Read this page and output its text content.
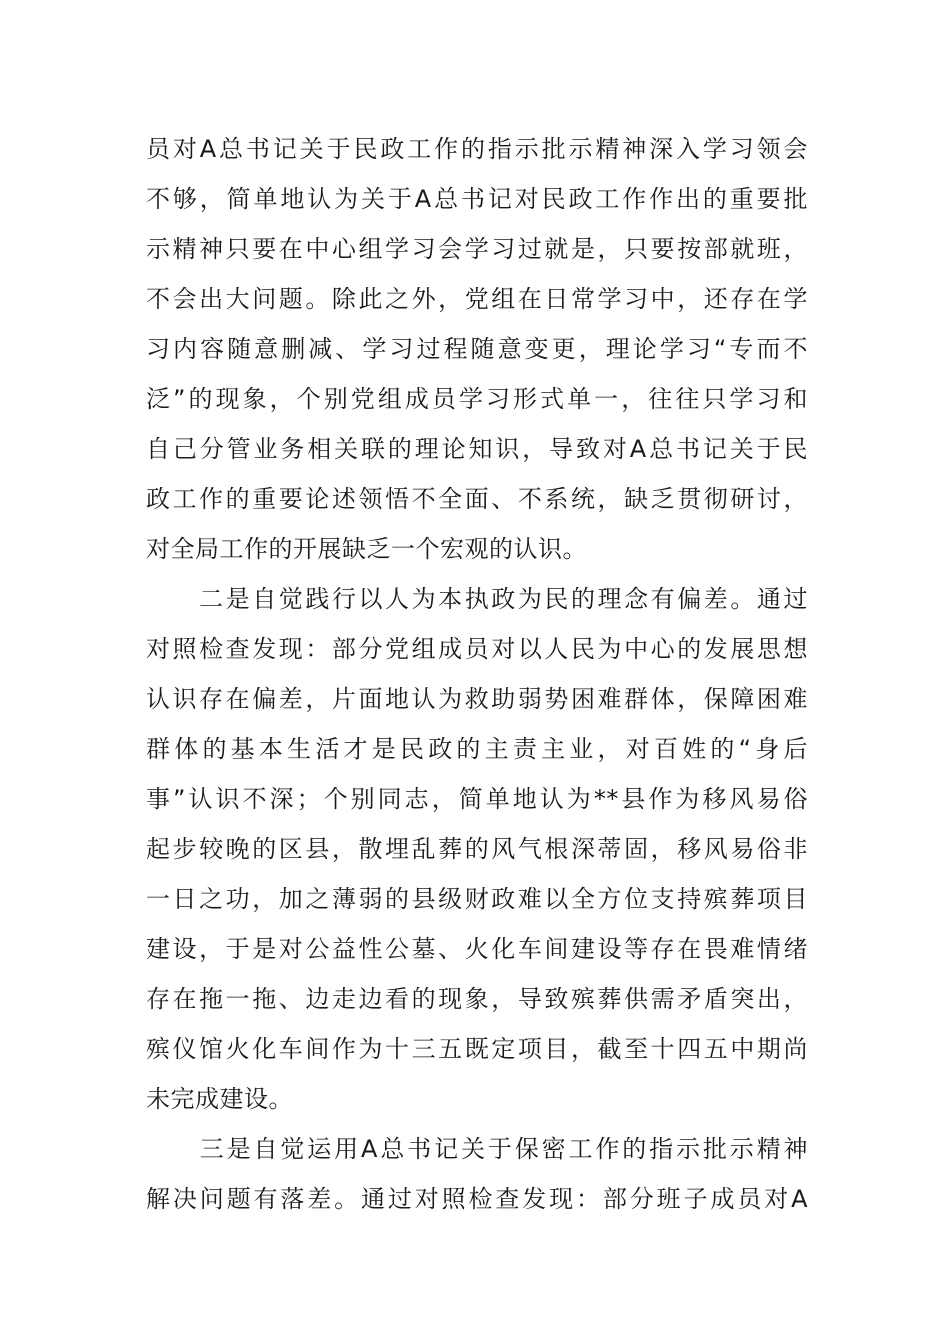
员对A总书记关于民政工作的指示批示精神深入学习领会
不够，简单地认为关于A总书记对民政工作作出的重要批
示精神只要在中心组学习会学习过就是，只要按部就班，
不会出大问题。除此之外，党组在日常学习中，还存在学
习内容随意删减、学习过程随意变更，理论学习“专而不
泛”的现象，个别党组成员学习形式单一，往往只学习和
自己分管业务相关联的理论知识，导致对A总书记关于民
政工作的重要论述领悟不全面、不系统，缺乏贯彻研讨，
对全局工作的开展缺乏一个宏观的认识。
　　二是自觉践行以人为本执政为民的理念有偏差。通过
对照检查发现：部分党组成员对以人民为中心的发展思想
认识存在偏差，片面地认为救助弱势困难群体，保障困难
群体的基本生活才是民政的主责主业，对百姓的“身后
事”认识不深；个别同志，简单地认为**县作为移风易俗
起步较晚的区县，散埋乱葬的风气根深蒂固，移风易俗非
一日之功，加之薄弱的县级财政难以全方位支持殡葬项目
建设，于是对公益性公墓、火化车间建设等存在畏难情绪
存在拖一拖、边走边看的现象，导致殡葬供需矛盾突出，
殡仪馆火化车间作为十三五既定项目，截至十四五中期尚
未完成建设。
　　三是自觉运用A总书记关于保密工作的指示批示精神
解决问题有落差。通过对照检查发现：部分班子成员对A
